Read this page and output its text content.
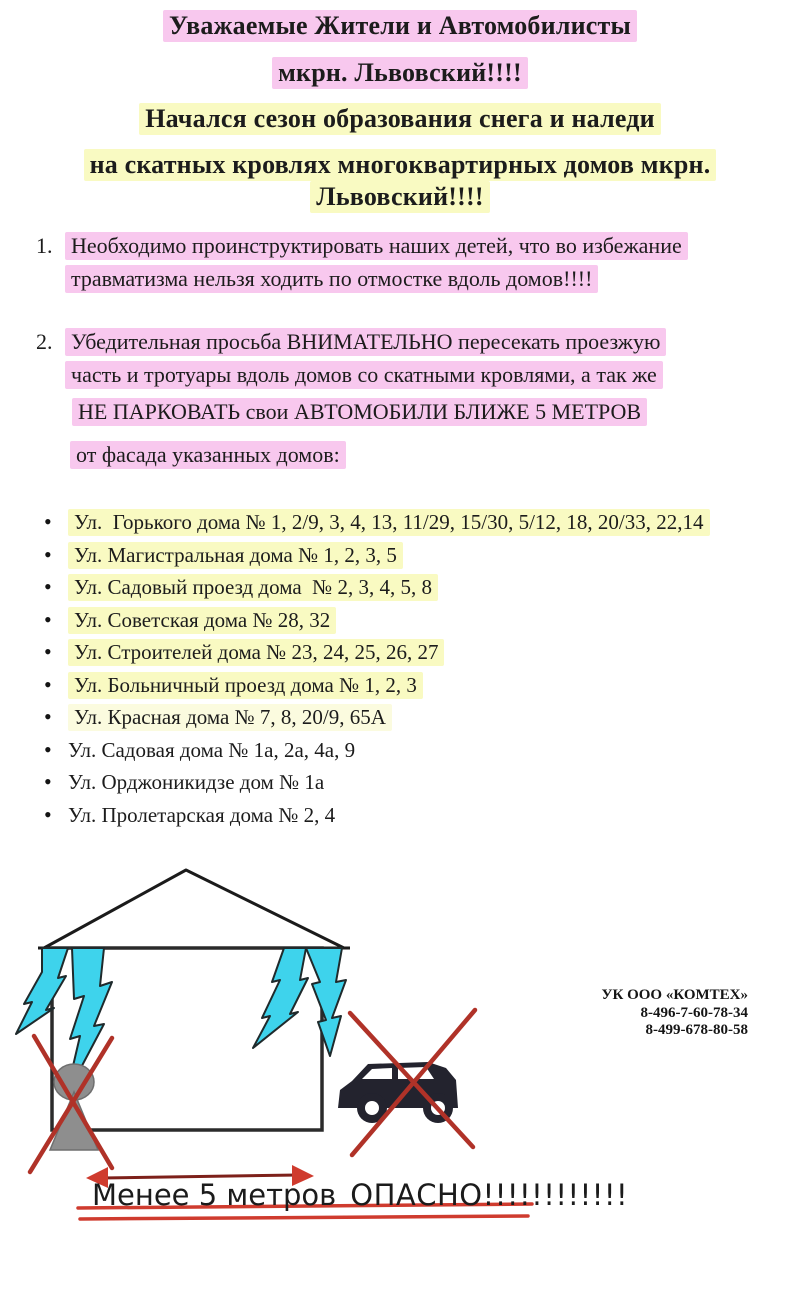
Уважаемые Жители и Автомобилисты
мкрн. Львовский!!!!
Начался сезон образования снега и наледи
на скатных кровлях многоквартирных домов мкрн.
Львовский!!!!
1. Необходимо проинструктировать наших детей, что во избежание
травматизма нельзя ходить по отмостке вдоль домов!!!!
2. Убедительная просьба ВНИМАТЕЛЬНО пересекать проезжую
часть и тротуары вдоль домов со скатными кровлями, а так же
НЕ ПАРКОВАТЬ свои АВТОМОБИЛИ БЛИЖЕ 5 МЕТРОВ
от фасада указанных домов:
• Ул.  Горького дома № 1, 2/9, 3, 4, 13, 11/29, 15/30, 5/12, 18, 20/33, 22,14
• Ул. Магистральная дома № 1, 2, 3, 5
• Ул. Садовый проезд дома  № 2, 3, 4, 5, 8
• Ул. Советская дома № 28, 32
• Ул. Строителей дома № 23, 24, 25, 26, 27
• Ул. Больничный проезд дома № 1, 2, 3
• Ул. Красная дома № 7, 8, 20/9, 65А
• Ул. Садовая дома № 1а, 2а, 4а, 9
• Ул. Орджоникидзе дом № 1а
• Ул. Пролетарская дома № 2, 4
УК ООО «КОМТЕХ»
8-496-7-60-78-34
8-499-678-80-58
Менее 5 метров ОПАСНО!!!!!!!!!!!!
